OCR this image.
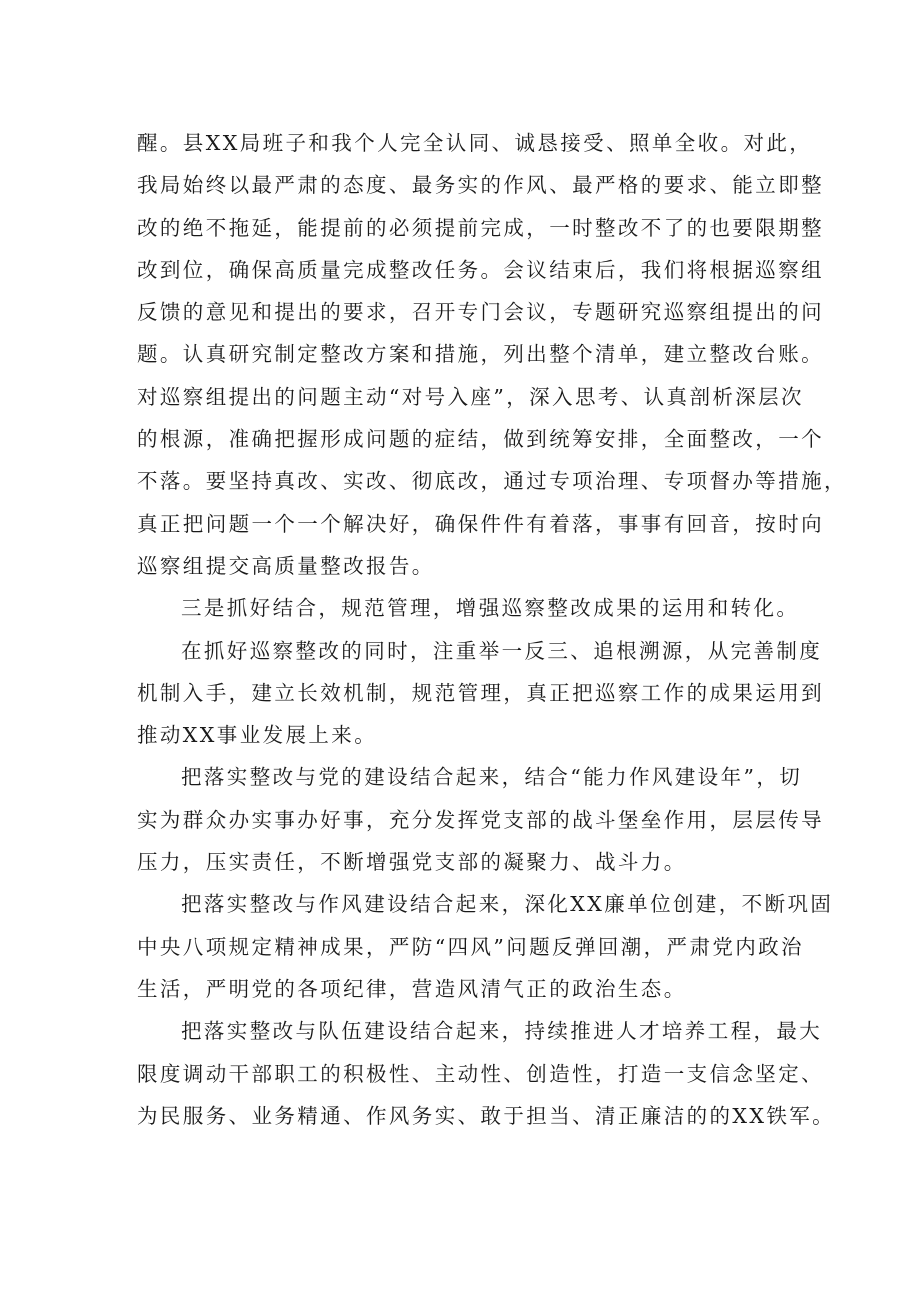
醒。县XX局班子和我个人完全认同、诚恳接受、照单全收。对此，
我局始终以最严肃的态度、最务实的作风、最严格的要求、能立即整
改的绝不拖延，能提前的必须提前完成，一时整改不了的也要限期整
改到位，确保高质量完成整改任务。会议结束后，我们将根据巡察组
反馈的意见和提出的要求，召开专门会议，专题研究巡察组提出的问
题。认真研究制定整改方案和措施，列出整个清单，建立整改台账。
对巡察组提出的问题主动“对号入座”，深入思考、认真剖析深层次
的根源，准确把握形成问题的症结，做到统筹安排，全面整改，一个
不落。要坚持真改、实改、彻底改，通过专项治理、专项督办等措施，
真正把问题一个一个解决好，确保件件有着落，事事有回音，按时向
巡察组提交高质量整改报告。
三是抓好结合，规范管理，增强巡察整改成果的运用和转化。
在抓好巡察整改的同时，注重举一反三、追根溯源，从完善制度
机制入手，建立长效机制，规范管理，真正把巡察工作的成果运用到
推动XX事业发展上来。
把落实整改与党的建设结合起来，结合“能力作风建设年”，切
实为群众办实事办好事，充分发挥党支部的战斗堡垒作用，层层传导
压力，压实责任，不断增强党支部的凝聚力、战斗力。
把落实整改与作风建设结合起来，深化XX廉单位创建，不断巩固
中央八项规定精神成果，严防“四风”问题反弹回潮，严肃党内政治
生活，严明党的各项纪律，营造风清气正的政治生态。
把落实整改与队伍建设结合起来，持续推进人才培养工程，最大
限度调动干部职工的积极性、主动性、创造性，打造一支信念坚定、
为民服务、业务精通、作风务实、敢于担当、清正廉洁的的XX铁军。
